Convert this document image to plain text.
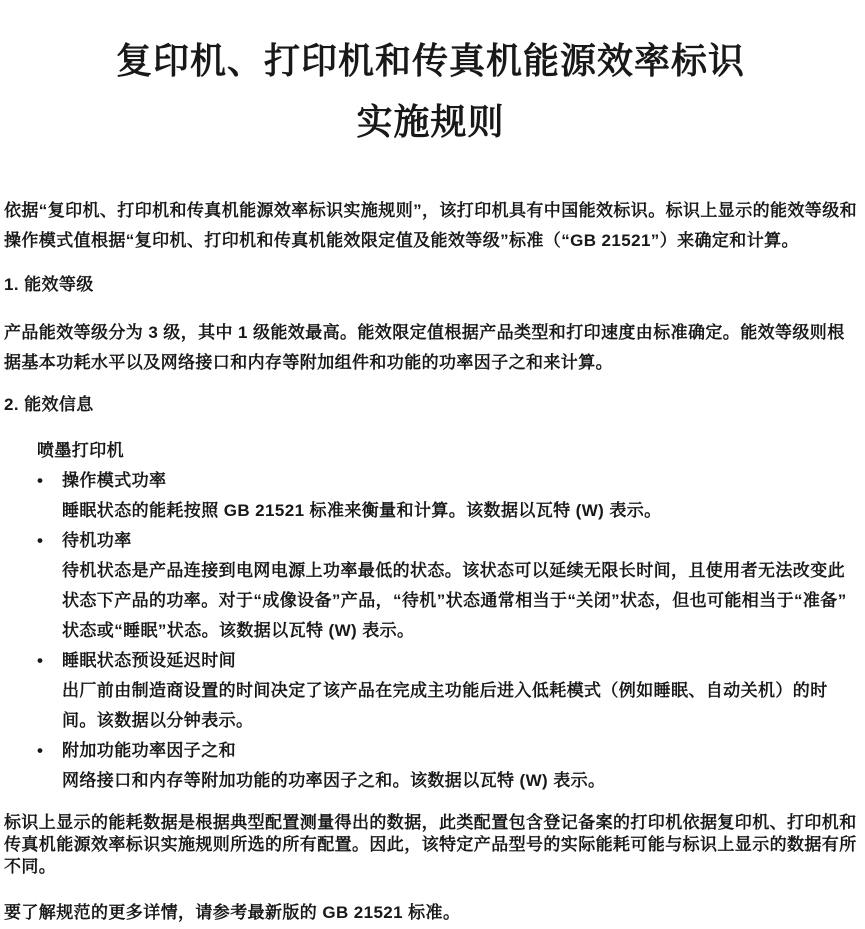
复印机、打印机和传真机能源效率标识
实施规则

依据“复印机、打印机和传真机能源效率标识实施规则”，该打印机具有中国能效标识。标识上显示的能效等级和操作模式值根据“复印机、打印机和传真机能效限定值及能效等级”标准（“GB 21521”）来确定和计算。

1. 能效等级

产品能效等级分为 3 级，其中 1 级能效最高。能效限定值根据产品类型和打印速度由标准确定。能效等级则根据基本功耗水平以及网络接口和内存等附加组件和功能的功率因子之和来计算。

2. 能效信息

喷墨打印机

• 操作模式功率
睡眠状态的能耗按照 GB 21521 标准来衡量和计算。该数据以瓦特 (W) 表示。
• 待机功率
待机状态是产品连接到电网电源上功率最低的状态。该状态可以延续无限长时间，且使用者无法改变此状态下产品的功率。对于“成像设备”产品，“待机”状态通常相当于“关闭”状态，但也可能相当于“准备”状态或“睡眠”状态。该数据以瓦特 (W) 表示。
• 睡眠状态预设延迟时间
出厂前由制造商设置的时间决定了该产品在完成主功能后进入低耗模式（例如睡眠、自动关机）的时间。该数据以分钟表示。
• 附加功能功率因子之和
网络接口和内存等附加功能的功率因子之和。该数据以瓦特 (W) 表示。

标识上显示的能耗数据是根据典型配置测量得出的数据，此类配置包含登记备案的打印机依据复印机、打印机和传真机能源效率标识实施规则所选的所有配置。因此，该特定产品型号的实际能耗可能与标识上显示的数据有所不同。

要了解规范的更多详情，请参考最新版的 GB 21521 标准。
